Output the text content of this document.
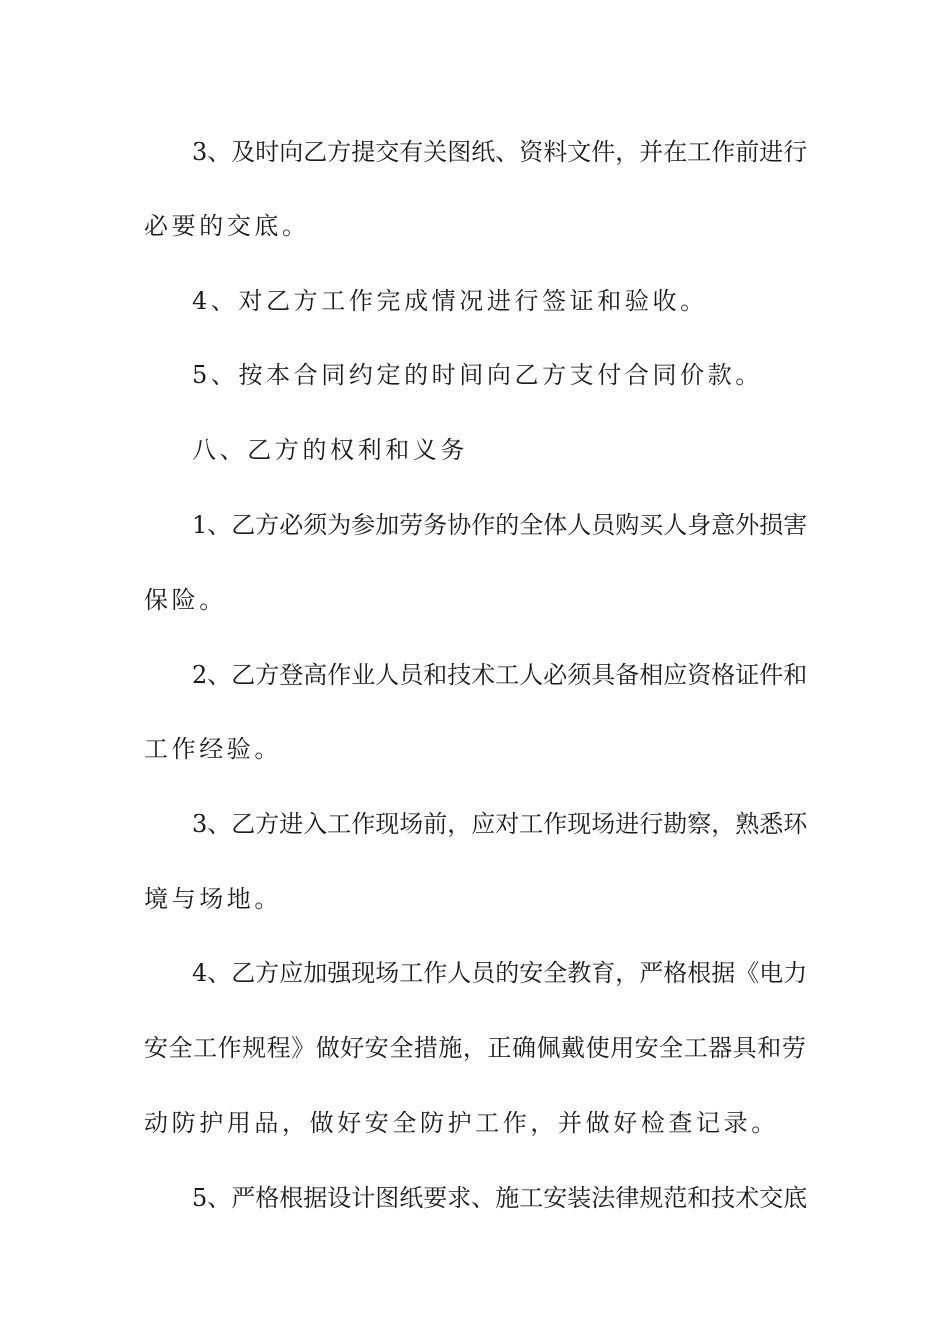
3 、 及 时 向 乙 方 提 交 有 关 图 纸 、 资 料 文 件 ， 并 在 工 作 前 进 行
必要的交底。
4、对乙方工作完成情况进行签证和验收。
5、按本合同约定的时间向乙方支付合同价款。
八、乙方的权利和义务
1 、 乙 方 必 须 为 参 加 劳 务 协 作 的 全 体 人 员 购 买 人 身 意 外 损 害
保险。
2 、 乙 方 登 高 作 业 人 员 和 技 术 工 人 必 须 具 备 相 应 资 格 证 件 和
工作经验。
3 、 乙 方 进 入 工 作 现 场 前 ， 应 对 工 作 现 场 进 行 勘 察 ， 熟 悉 环
境与场地。
4 、 乙 方 应 加 强 现 场 工 作 人 员 的 安 全 教 育 ， 严 格 根 据 《 电 力
安 全 工 作 规 程 》 做 好 安 全 措 施 ， 正 确 佩 戴 使 用 安 全 工 器 具 和 劳
动防护用品，做好安全防护工作，并做好检查记录。
5 、 严 格 根 据 设 计 图 纸 要 求 、 施 工 安 装 法 律 规 范 和 技 术 交 底
